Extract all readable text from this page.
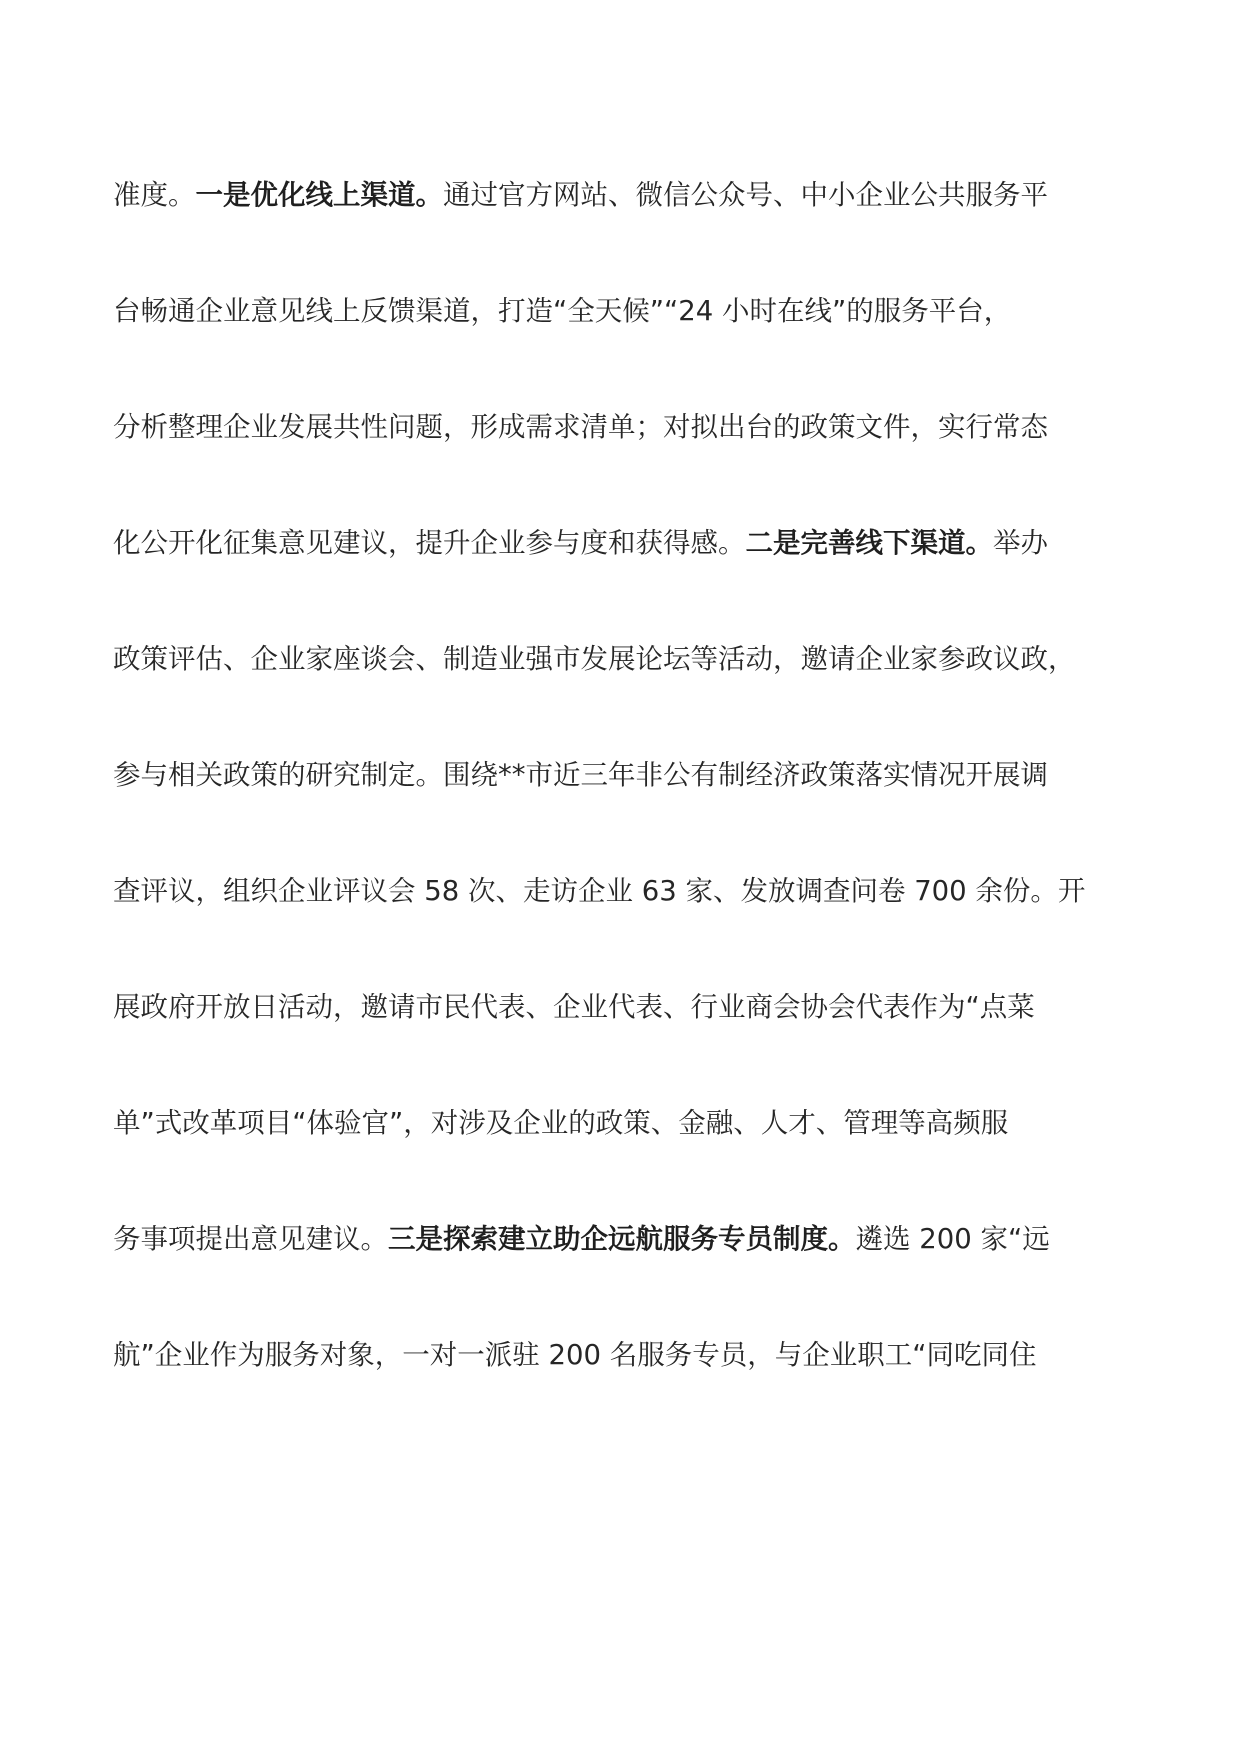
准度。一是优化线上渠道。通过官方网站、微信公众号、中小企业公共服务平
台畅通企业意见线上反馈渠道，打造“全天候”“24 小时在线”的服务平台，
分析整理企业发展共性问题，形成需求清单；对拟出台的政策文件，实行常态
化公开化征集意见建议，提升企业参与度和获得感。二是完善线下渠道。举办
政策评估、企业家座谈会、制造业强市发展论坛等活动，邀请企业家参政议政，
参与相关政策的研究制定。围绕**市近三年非公有制经济政策落实情况开展调
查评议，组织企业评议会 58 次、走访企业 63 家、发放调查问卷 700 余份。开
展政府开放日活动，邀请市民代表、企业代表、行业商会协会代表作为“点菜
单”式改革项目“体验官”，对涉及企业的政策、金融、人才、管理等高频服
务事项提出意见建议。三是探索建立助企远航服务专员制度。遴选 200 家“远
航”企业作为服务对象，一对一派驻 200 名服务专员，与企业职工“同吃同住
